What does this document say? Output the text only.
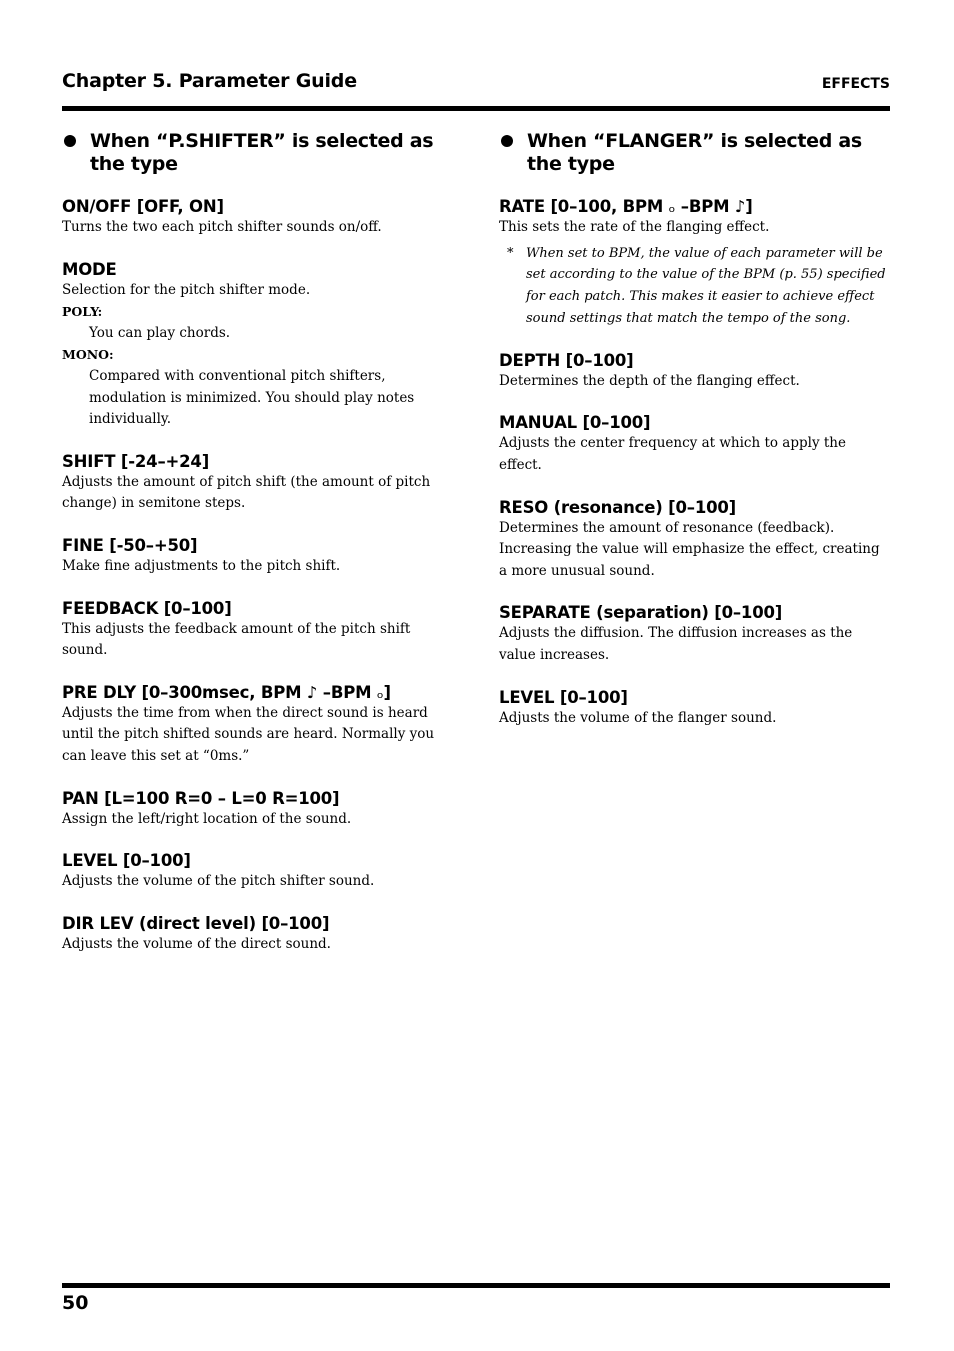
Chapter 5. Parameter Guide	EFFECTS
When “P.SHIFTER” is selected as the type
ON/OFF [OFF, ON]
Turns the two each pitch shifter sounds on/off.
MODE
Selection for the pitch shifter mode.
POLY:
You can play chords.
MONO:
Compared with conventional pitch shifters, modulation is minimized. You should play notes individually.
SHIFT [-24–+24]
Adjusts the amount of pitch shift (the amount of pitch change) in semitone steps.
FINE [-50–+50]
Make fine adjustments to the pitch shift.
FEEDBACK [0–100]
This adjusts the feedback amount of the pitch shift sound.
PRE DLY [0–300msec, BPM ♪ –BPM ₒ]
Adjusts the time from when the direct sound is heard until the pitch shifted sounds are heard. Normally you can leave this set at “0ms.”
PAN [L=100 R=0 – L=0 R=100]
Assign the left/right location of the sound.
LEVEL [0–100]
Adjusts the volume of the pitch shifter sound.
DIR LEV (direct level) [0–100]
Adjusts the volume of the direct sound.
When “FLANGER” is selected as the type
RATE [0–100, BPM ₒ –BPM ♪]
This sets the rate of the flanging effect.
* When set to BPM, the value of each parameter will be set according to the value of the BPM (p. 55) specified for each patch. This makes it easier to achieve effect sound settings that match the tempo of the song.
DEPTH [0–100]
Determines the depth of the flanging effect.
MANUAL [0–100]
Adjusts the center frequency at which to apply the effect.
RESO (resonance) [0–100]
Determines the amount of resonance (feedback). Increasing the value will emphasize the effect, creating a more unusual sound.
SEPARATE (separation) [0–100]
Adjusts the diffusion. The diffusion increases as the value increases.
LEVEL [0–100]
Adjusts the volume of the flanger sound.
50
